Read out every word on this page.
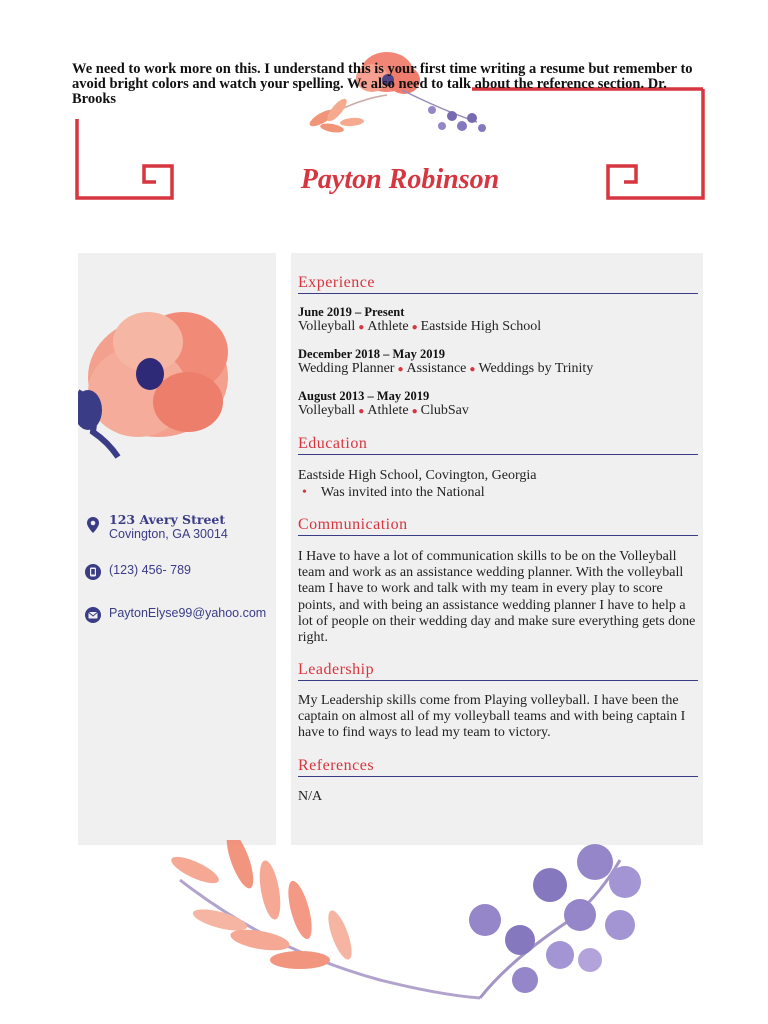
We need to work more on this. I understand this is your first time writing a resume but remember to avoid bright colors and watch your spelling. We also need to talk about the reference section. Dr. Brooks
Payton Robinson
123 Avery Street
Covington, GA 30014
(123) 456- 789
PaytonElyse99@yahoo.com
Experience
June 2019 – Present
Volleyball ● Athlete ● Eastside High School
December 2018 – May 2019
Wedding Planner ● Assistance ● Weddings by Trinity
August 2013 – May 2019
Volleyball ● Athlete ● ClubSav
Education
Eastside High School, Covington, Georgia
• Was invited into the National
Communication
I Have to have a lot of communication skills to be on the Volleyball team and work as an assistance wedding planner. With the volleyball team I have to work and talk with my team in every play to score points, and with being an assistance wedding planner I have to help a lot of people on their wedding day and make sure everything gets done right.
Leadership
My Leadership skills come from Playing volleyball. I have been the captain on almost all of my volleyball teams and with being captain I have to find ways to lead my team to victory.
References
N/A
